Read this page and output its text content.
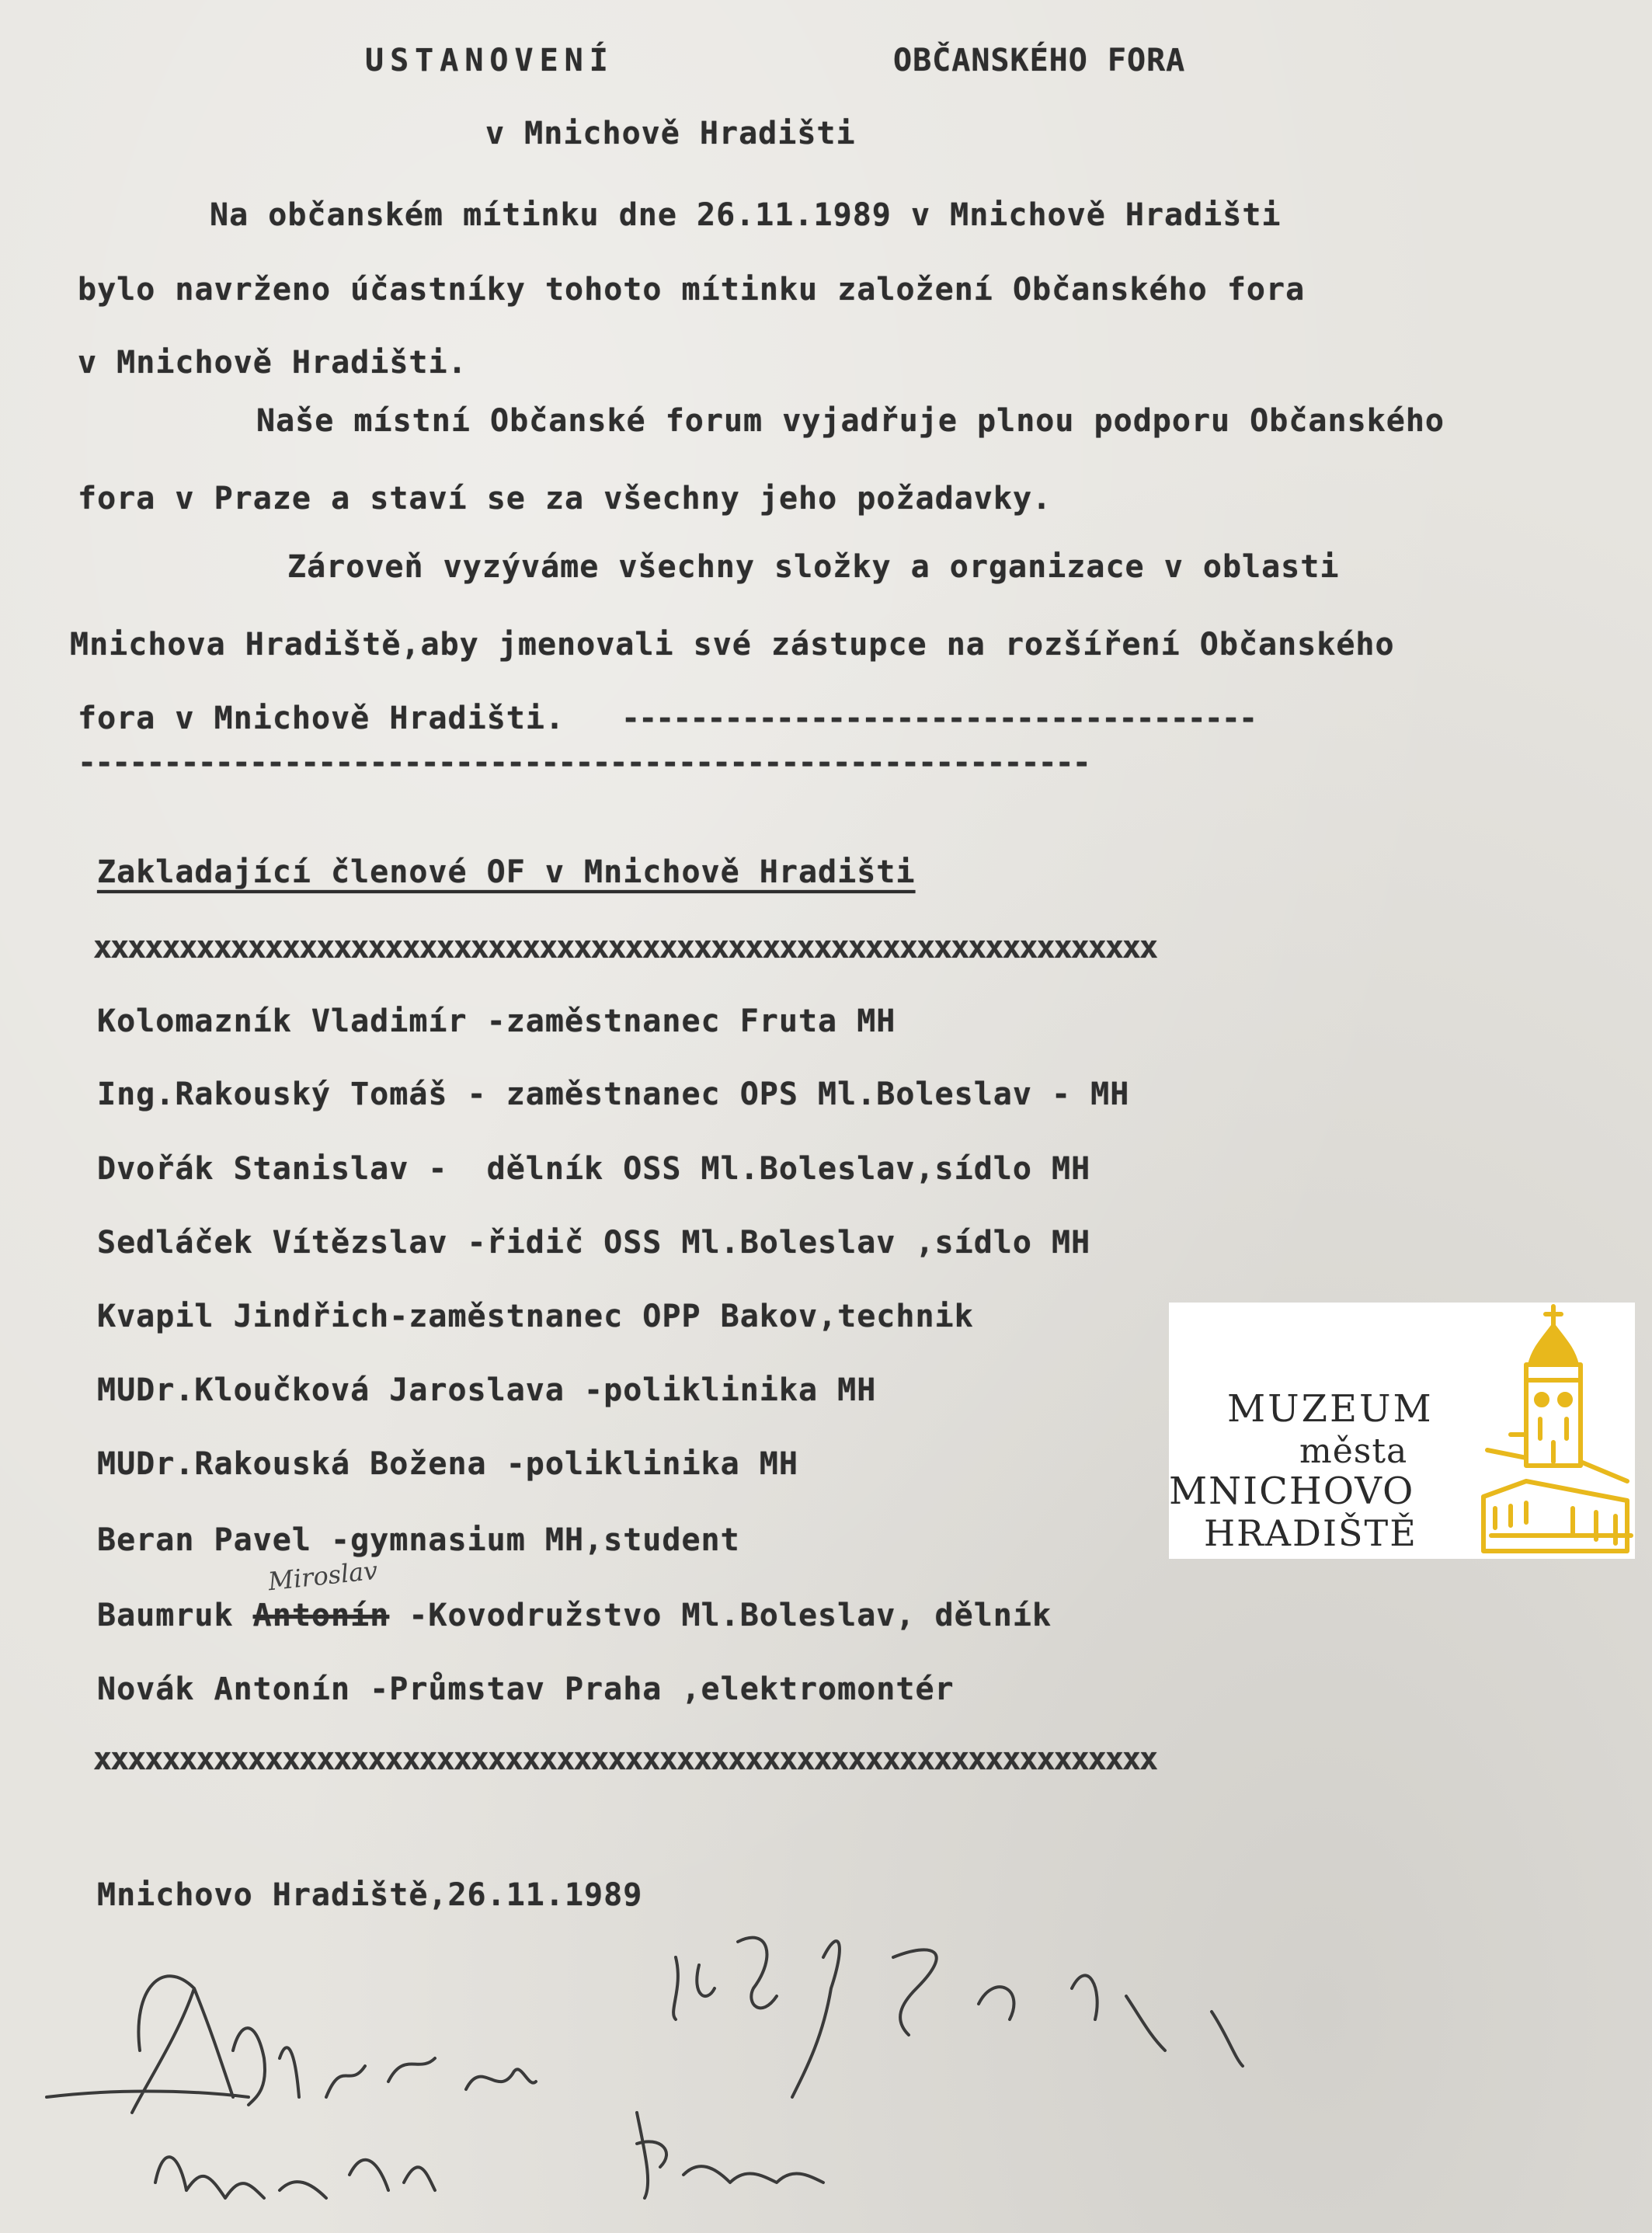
USTANOVENÍ	OBČANSKÉHO FORA
v Mnichově Hradišti
Na občanském mítinku dne 26.11.1989 v Mnichově Hradišti
bylo navrženo účastníky tohoto mítinku založení Občanského fora
v Mnichově Hradišti.
Naše místní Občanské forum vyjadřuje plnou podporu Občanského
fora v Praze a staví se za všechny jeho požadavky.
Zároveň vyzýváme všechny složky a organizace v oblasti
Mnichova Hradiště,aby jmenovali své zástupce na rozšíření Občanského
fora v Mnichově Hradišti. -------------------------------------
-----------------------------------------------------------
Zakladající členové OF v Mnichově Hradišti
xxxxxxxxxxxxxxxxxxxxxxxxxxxxxxxxxxxxxxxxxxxxxxxxxxxxxxxxxxxxxx
Kolomazník Vladimír -zaměstnanec Fruta MH
Ing.Rakouský Tomáš - zaměstnanec OPS Ml.Boleslav - MH
Dvořák Stanislav -  dělník OSS Ml.Boleslav,sídlo MH
Sedláček Vítězslav -řidič OSS Ml.Boleslav ,sídlo MH
Kvapil Jindřich-zaměstnanec OPP Bakov,technik
MUDr.Kloučková Jaroslava -poliklinika MH
MUDr.Rakouská Božena -poliklinika MH
Beran Pavel -gymnasium MH,student
Baumruk Antonín -Kovodružstvo Ml.Boleslav, dělník
Miroslav
Novák Antonín -Průmstav Praha ,elektromontér
xxxxxxxxxxxxxxxxxxxxxxxxxxxxxxxxxxxxxxxxxxxxxxxxxxxxxxxxxxxxxx
Mnichovo Hradiště,26.11.1989
MUZEUM
města
MNICHOVO
HRADIŠTĚ
